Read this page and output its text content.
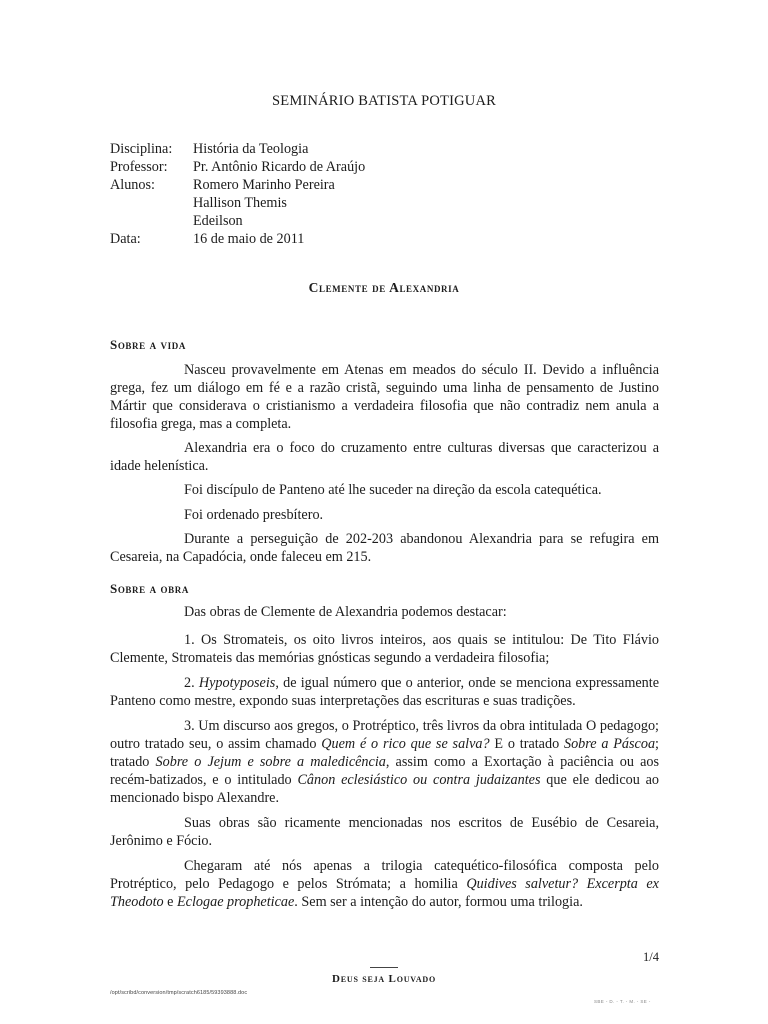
SEMINÁRIO BATISTA POTIGUAR
Disciplina:	História da Teologia
Professor:	Pr. Antônio Ricardo de Araújo
Alunos:	Romero Marinho Pereira
Hallison Themis
Edeilson
Data:	16 de maio de 2011
Clemente de Alexandria
Sobre a vida

Nasceu provavelmente em Atenas em meados do século II. Devido a influência grega, fez um diálogo em fé e a razão cristã, seguindo uma linha de pensamento de Justino Mártir que considerava o cristianismo a verdadeira filosofia que não contradiz nem anula a filosofia grega, mas a completa.

Alexandria era o foco do cruzamento entre culturas diversas que caracterizou a idade helenística.

Foi discípulo de Panteno até lhe suceder na direção da escola catequética.

Foi ordenado presbítero.

Durante a perseguição de 202-203 abandonou Alexandria para se refugira em Cesareia, na Capadócia, onde faleceu em 215.

Sobre a obra

Das obras de Clemente de Alexandria podemos destacar:

1. Os Stromateis, os oito livros inteiros, aos quais se intitulou: De Tito Flávio Clemente, Stromateis das memórias gnósticas segundo a verdadeira filosofia;

2. Hypotyposeis, de igual número que o anterior, onde se menciona expressamente Panteno como mestre, expondo suas interpretações das escrituras e suas tradições.

3. Um discurso aos gregos, o Protréptico, três livros da obra intitulada O pedagogo; outro tratado seu, o assim chamado Quem é o rico que se salva? E o tratado Sobre a Páscoa; tratado Sobre o Jejum e sobre a maledicência, assim como a Exortação à paciência ou aos recém-batizados, e o intitulado Cânon eclesiástico ou contra judaizantes que ele dedicou ao mencionado bispo Alexandre.

Suas obras são ricamente mencionadas nos escritos de Eusébio de Cesareia, Jerônimo e Fócio.

Chegaram até nós apenas a trilogia catequético-filosófica composta pelo Protréptico, pelo Pedagogo e pelos Strómata; a homilia Quidives salvetur? Excerpta ex Theodoto e Eclogae propheticae. Sem ser a intenção do autor, formou uma trilogia.

1/4
Deus seja Louvado
/opt/scribd/conversion/tmp/scratch6185/59393888.doc
SBE - D. - T. - M. - SE -
